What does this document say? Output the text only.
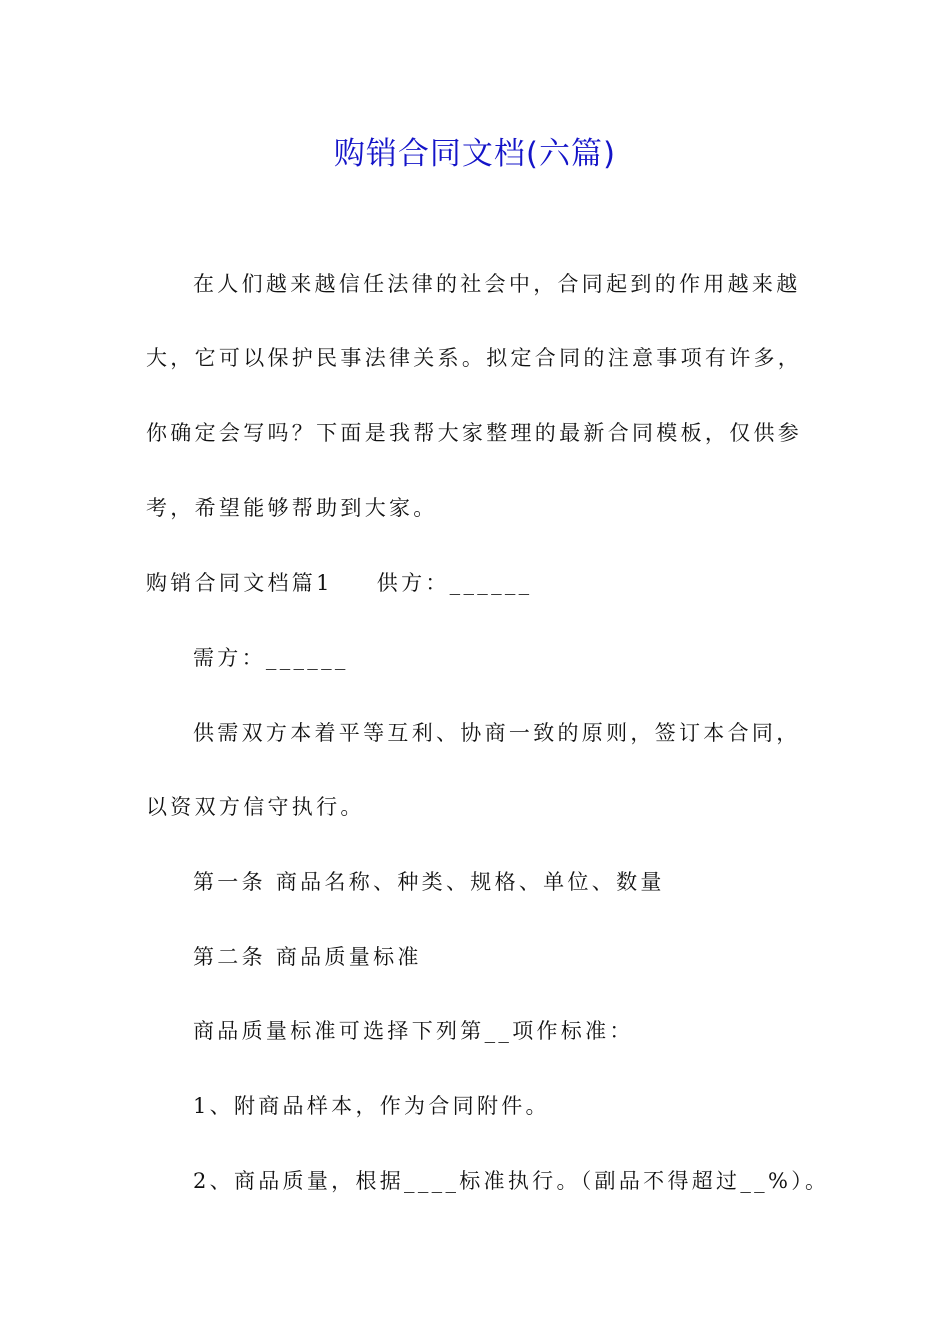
购销合同文档(六篇)

在人们越来越信任法律的社会中，合同起到的作用越来越

大，它可以保护民事法律关系。拟定合同的注意事项有许多，

你确定会写吗？下面是我帮大家整理的最新合同模板，仅供参

考，希望能够帮助到大家。

购销合同文档篇1 供方：______

需方：______

供需双方本着平等互利、协商一致的原则，签订本合同，

以资双方信守执行。

第一条 商品名称、种类、规格、单位、数量

第二条 商品质量标准

商品质量标准可选择下列第__项作标准：

1、附商品样本，作为合同附件。

2、商品质量，根据____标准执行。（副品不得超过__%）。
